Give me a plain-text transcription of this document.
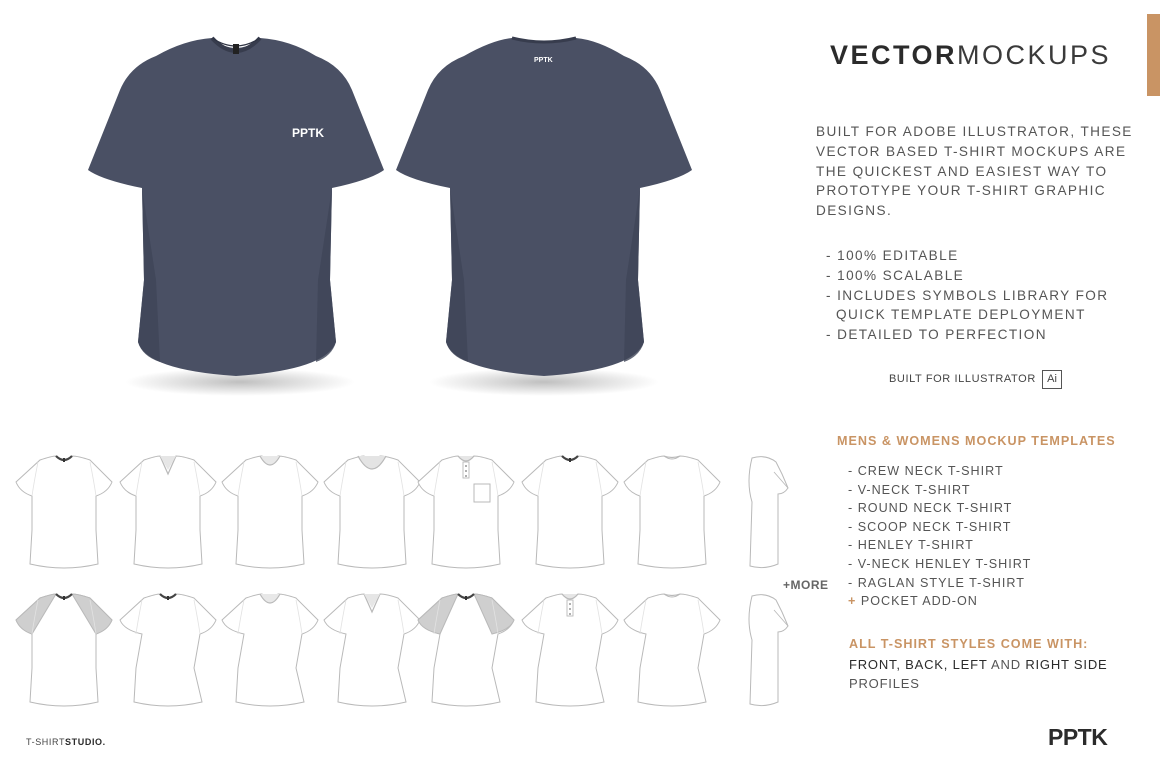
PPTK
PPTK	VECTORMOCKUPS

BUILT FOR ADOBE ILLUSTRATOR, THESE VECTOR BASED T-SHIRT MOCKUPS ARE THE QUICKEST AND EASIEST WAY TO PROTOTYPE YOUR T-SHIRT GRAPHIC DESIGNS.

- 100% EDITABLE
- 100% SCALABLE
- INCLUDES SYMBOLS LIBRARY FOR QUICK TEMPLATE DEPLOYMENT
- DETAILED TO PERFECTION
BUILT FOR ILLUSTRATOR	Ai
MENS & WOMENS MOCKUP TEMPLATES
- CREW NECK T-SHIRT
- V-NECK T-SHIRT
- ROUND NECK T-SHIRT
- SCOOP NECK T-SHIRT
- HENLEY T-SHIRT
- V-NECK HENLEY T-SHIRT
- RAGLAN STYLE T-SHIRT
+ POCKET ADD-ON
ALL T-SHIRT STYLES COME WITH:

FRONT, BACK, LEFT AND RIGHT SIDE
PROFILES

+MORE
T-SHIRTSTUDIO.	PPTK
